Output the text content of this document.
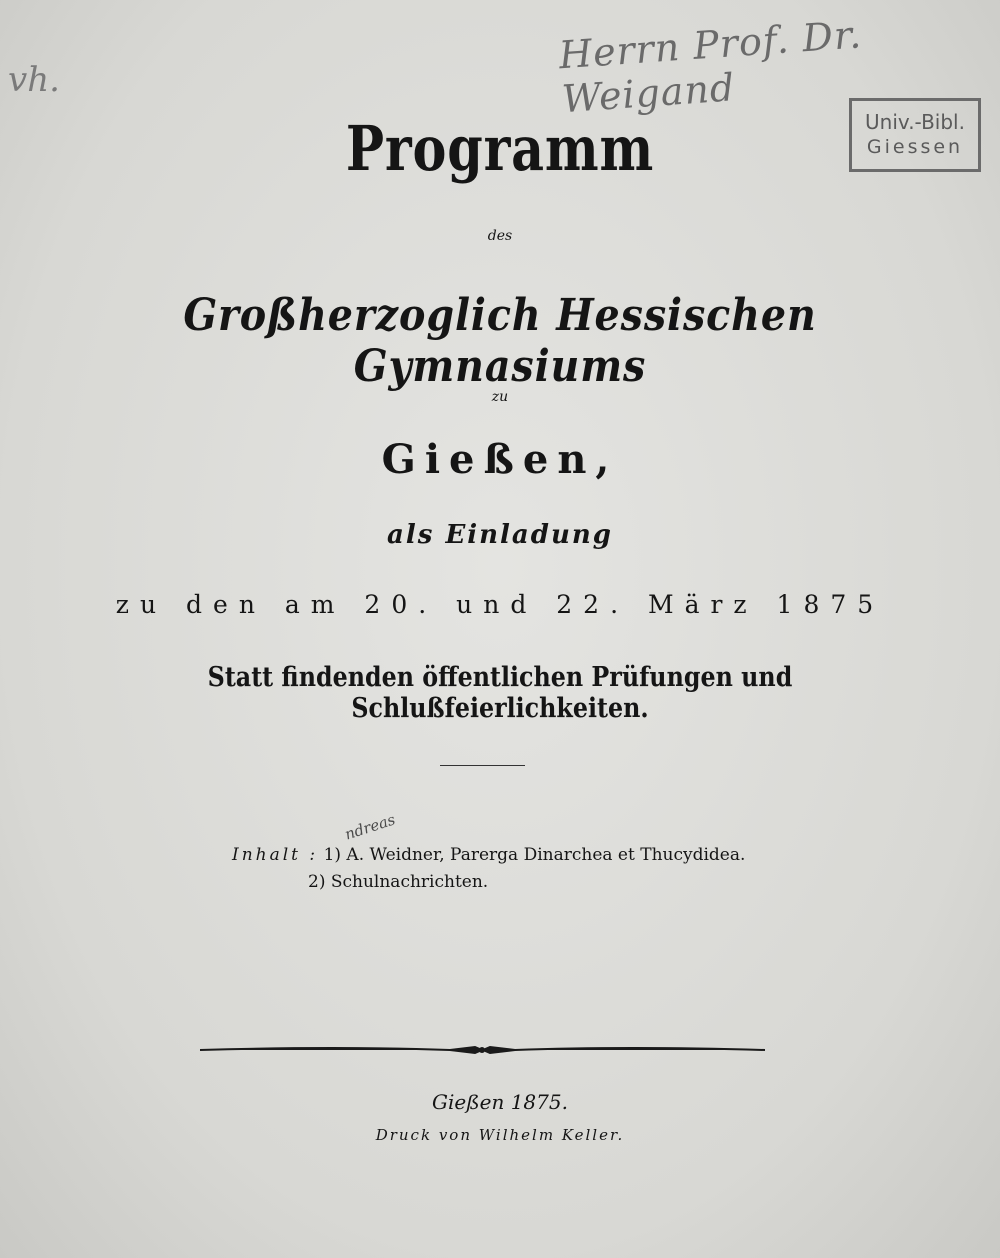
vh.
Herrn Prof. Dr. Weigand
Univ.-Bibl.
Giessen
Programm
des
Großherzoglich Hessischen Gymnasiums
zu
Gießen,
als Einladung
zu den am 20. und 22. März 1875
Statt findenden öffentlichen Prüfungen und Schlußfeierlichkeiten.
ndreas
Inhalt : 1) A. Weidner, Parerga Dinarchea et Thucydidea.
2) Schulnachrichten.
Gießen 1875.
Druck von Wilhelm Keller.
